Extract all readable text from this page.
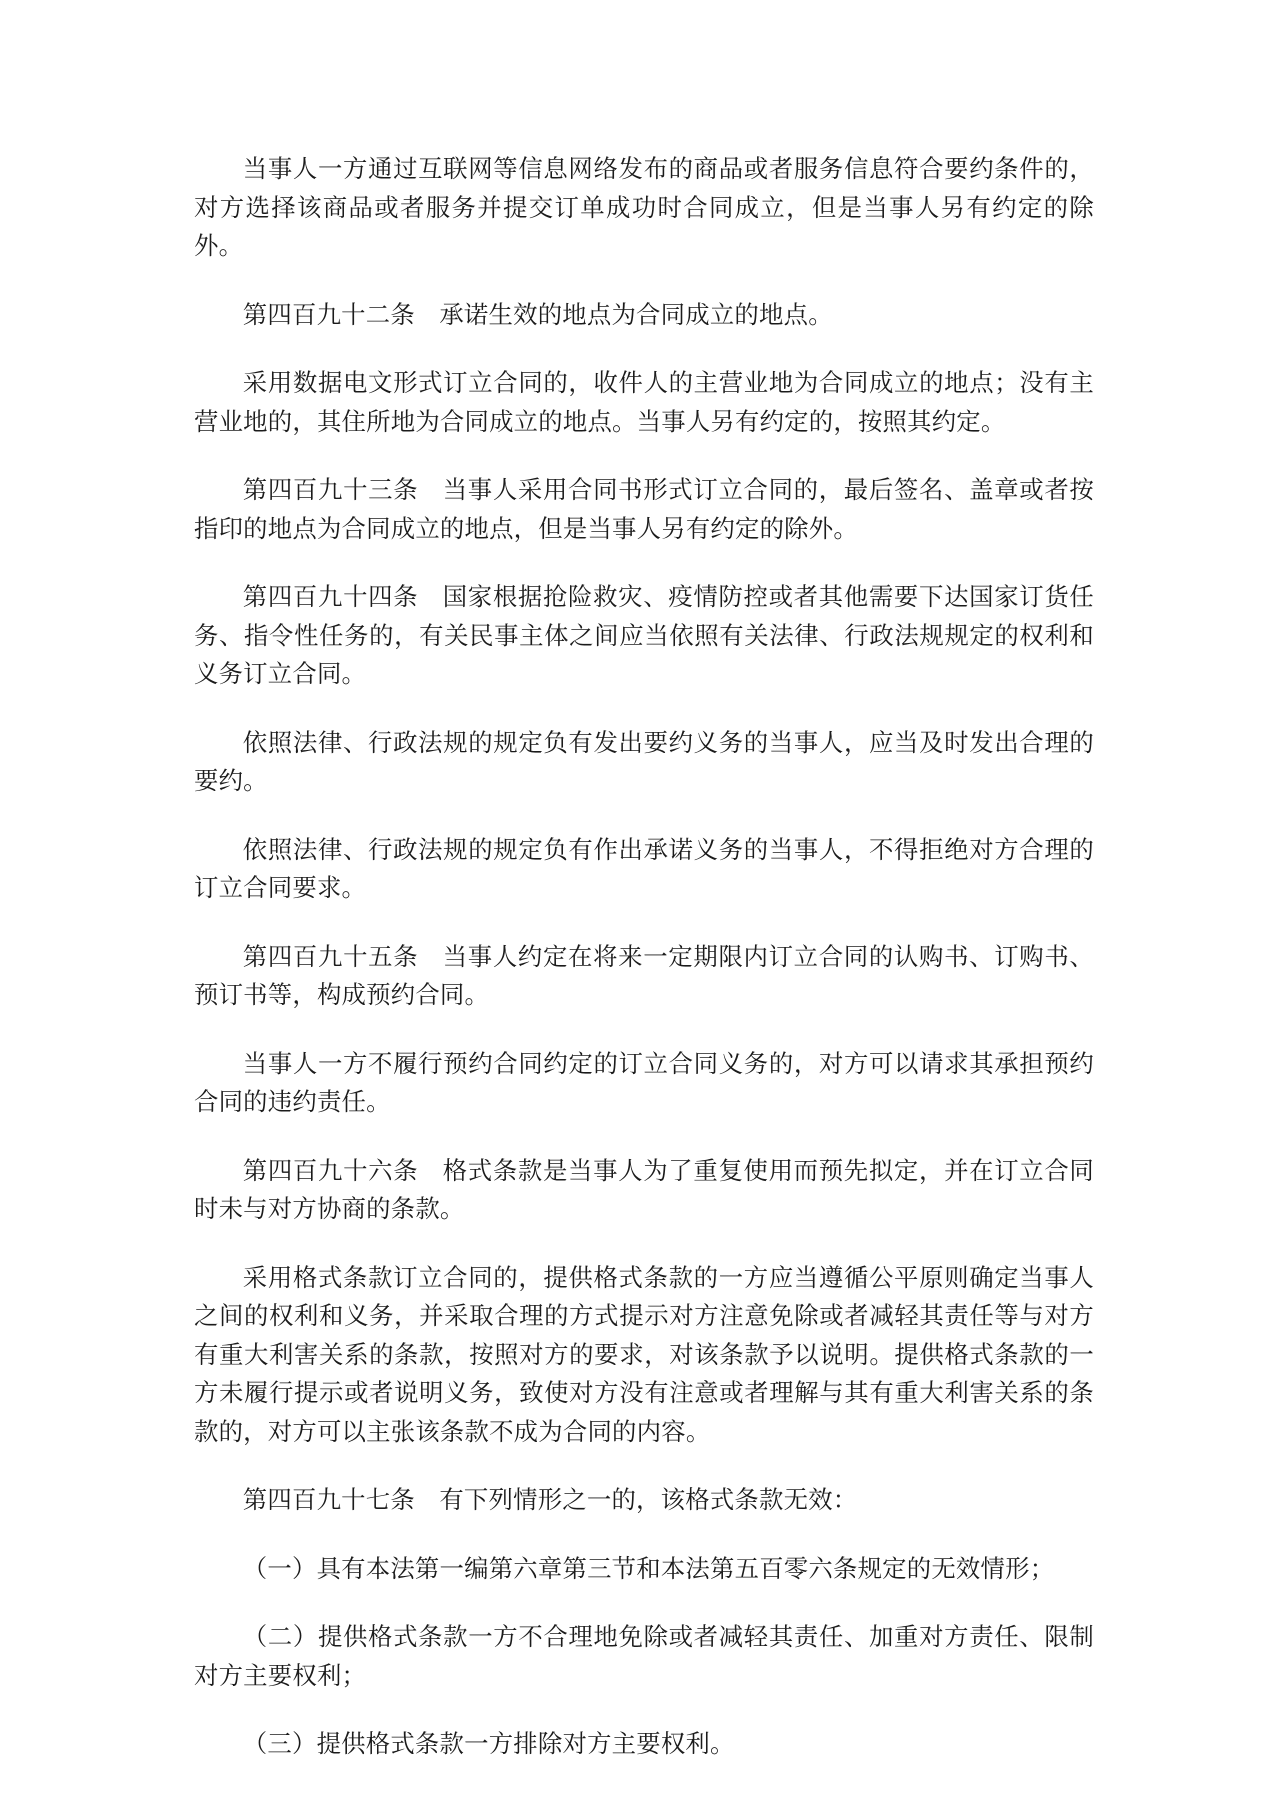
当事人一方通过互联网等信息网络发布的商品或者服务信息符合要约条件的，对方选择该商品或者服务并提交订单成功时合同成立，但是当事人另有约定的除外。

第四百九十二条 承诺生效的地点为合同成立的地点。

采用数据电文形式订立合同的，收件人的主营业地为合同成立的地点；没有主营业地的，其住所地为合同成立的地点。当事人另有约定的，按照其约定。

第四百九十三条 当事人采用合同书形式订立合同的，最后签名、盖章或者按指印的地点为合同成立的地点，但是当事人另有约定的除外。

第四百九十四条 国家根据抢险救灾、疫情防控或者其他需要下达国家订货任务、指令性任务的，有关民事主体之间应当依照有关法律、行政法规规定的权利和义务订立合同。

依照法律、行政法规的规定负有发出要约义务的当事人，应当及时发出合理的要约。

依照法律、行政法规的规定负有作出承诺义务的当事人，不得拒绝对方合理的订立合同要求。

第四百九十五条 当事人约定在将来一定期限内订立合同的认购书、订购书、预订书等，构成预约合同。

当事人一方不履行预约合同约定的订立合同义务的，对方可以请求其承担预约合同的违约责任。

第四百九十六条 格式条款是当事人为了重复使用而预先拟定，并在订立合同时未与对方协商的条款。

采用格式条款订立合同的，提供格式条款的一方应当遵循公平原则确定当事人之间的权利和义务，并采取合理的方式提示对方注意免除或者减轻其责任等与对方有重大利害关系的条款，按照对方的要求，对该条款予以说明。提供格式条款的一方未履行提示或者说明义务，致使对方没有注意或者理解与其有重大利害关系的条款的，对方可以主张该条款不成为合同的内容。

第四百九十七条 有下列情形之一的，该格式条款无效：

（一）具有本法第一编第六章第三节和本法第五百零六条规定的无效情形；

（二）提供格式条款一方不合理地免除或者减轻其责任、加重对方责任、限制对方主要权利；

（三）提供格式条款一方排除对方主要权利。
